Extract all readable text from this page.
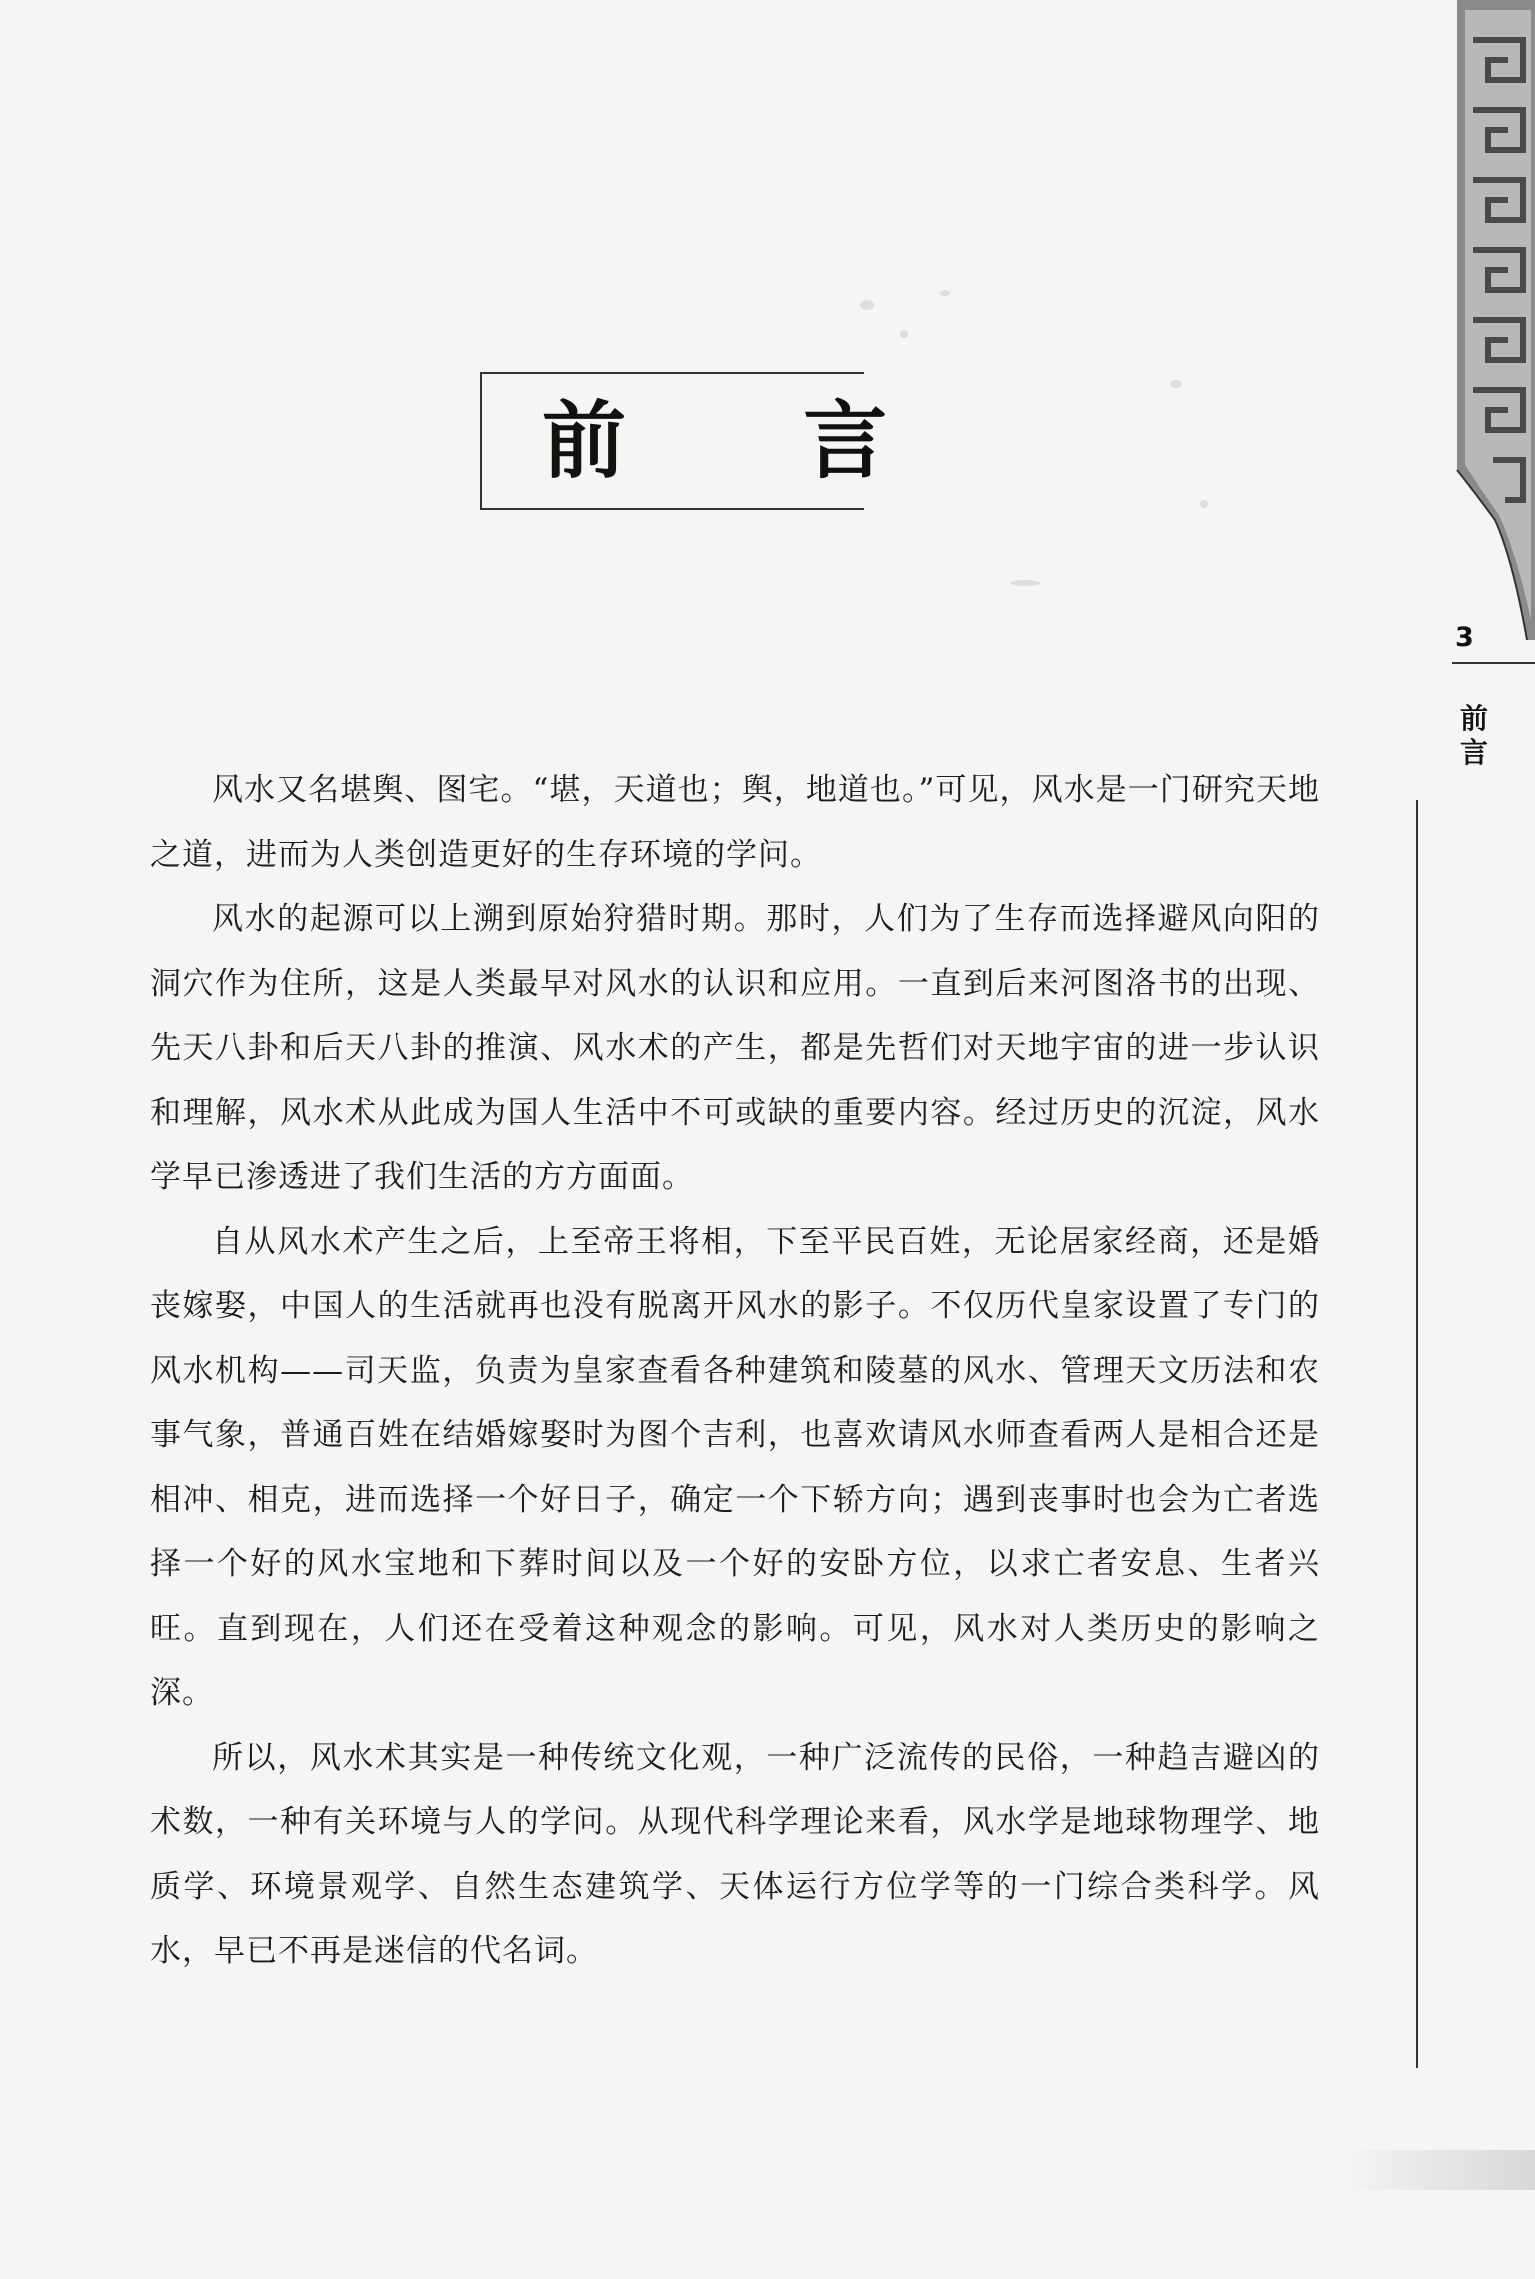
前 言
3
前言

风水又名堪舆、图宅。“堪，天道也；舆，地道也。”可见，风水是一门研究天地之道，进而为人类创造更好的生存环境的学问。

风水的起源可以上溯到原始狩猎时期。那时，人们为了生存而选择避风向阳的洞穴作为住所，这是人类最早对风水的认识和应用。一直到后来河图洛书的出现、先天八卦和后天八卦的推演、风水术的产生，都是先哲们对天地宇宙的进一步认识和理解，风水术从此成为国人生活中不可或缺的重要内容。经过历史的沉淀，风水学早已渗透进了我们生活的方方面面。

自从风水术产生之后，上至帝王将相，下至平民百姓，无论居家经商，还是婚丧嫁娶，中国人的生活就再也没有脱离开风水的影子。不仅历代皇家设置了专门的风水机构——司天监，负责为皇家查看各种建筑和陵墓的风水、管理天文历法和农事气象，普通百姓在结婚嫁娶时为图个吉利，也喜欢请风水师查看两人是相合还是相冲、相克，进而选择一个好日子，确定一个下轿方向；遇到丧事时也会为亡者选择一个好的风水宝地和下葬时间以及一个好的安卧方位，以求亡者安息、生者兴旺。直到现在，人们还在受着这种观念的影响。可见，风水对人类历史的影响之深。

所以，风水术其实是一种传统文化观，一种广泛流传的民俗，一种趋吉避凶的术数，一种有关环境与人的学问。从现代科学理论来看，风水学是地球物理学、地质学、环境景观学、自然生态建筑学、天体运行方位学等的一门综合类科学。风水，早已不再是迷信的代名词。
